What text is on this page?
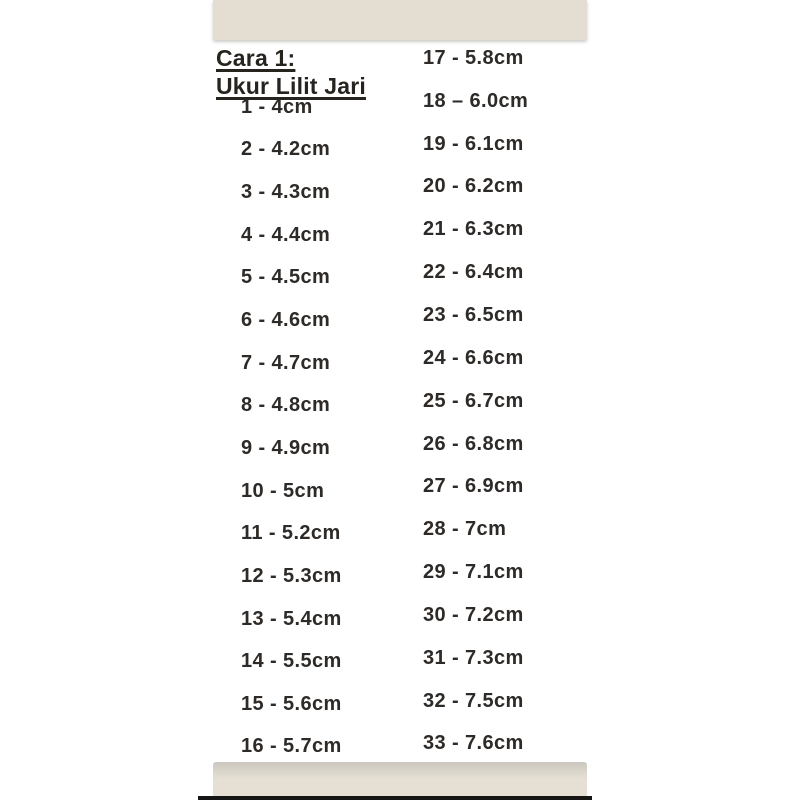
Cara 1:
Ukur Lilit Jari
1 - 4cm
2 - 4.2cm
3 - 4.3cm
4 - 4.4cm
5 - 4.5cm
6 - 4.6cm
7 - 4.7cm
8 - 4.8cm
9 - 4.9cm
10 - 5cm
11 - 5.2cm
12 - 5.3cm
13 - 5.4cm
14 - 5.5cm
15 - 5.6cm
16 - 5.7cm
17 - 5.8cm
18 – 6.0cm
19 - 6.1cm
20 - 6.2cm
21 - 6.3cm
22 - 6.4cm
23 - 6.5cm
24 - 6.6cm
25 - 6.7cm
26 - 6.8cm
27 - 6.9cm
28 - 7cm
29 - 7.1cm
30 - 7.2cm
31 - 7.3cm
32 - 7.5cm
33 - 7.6cm
